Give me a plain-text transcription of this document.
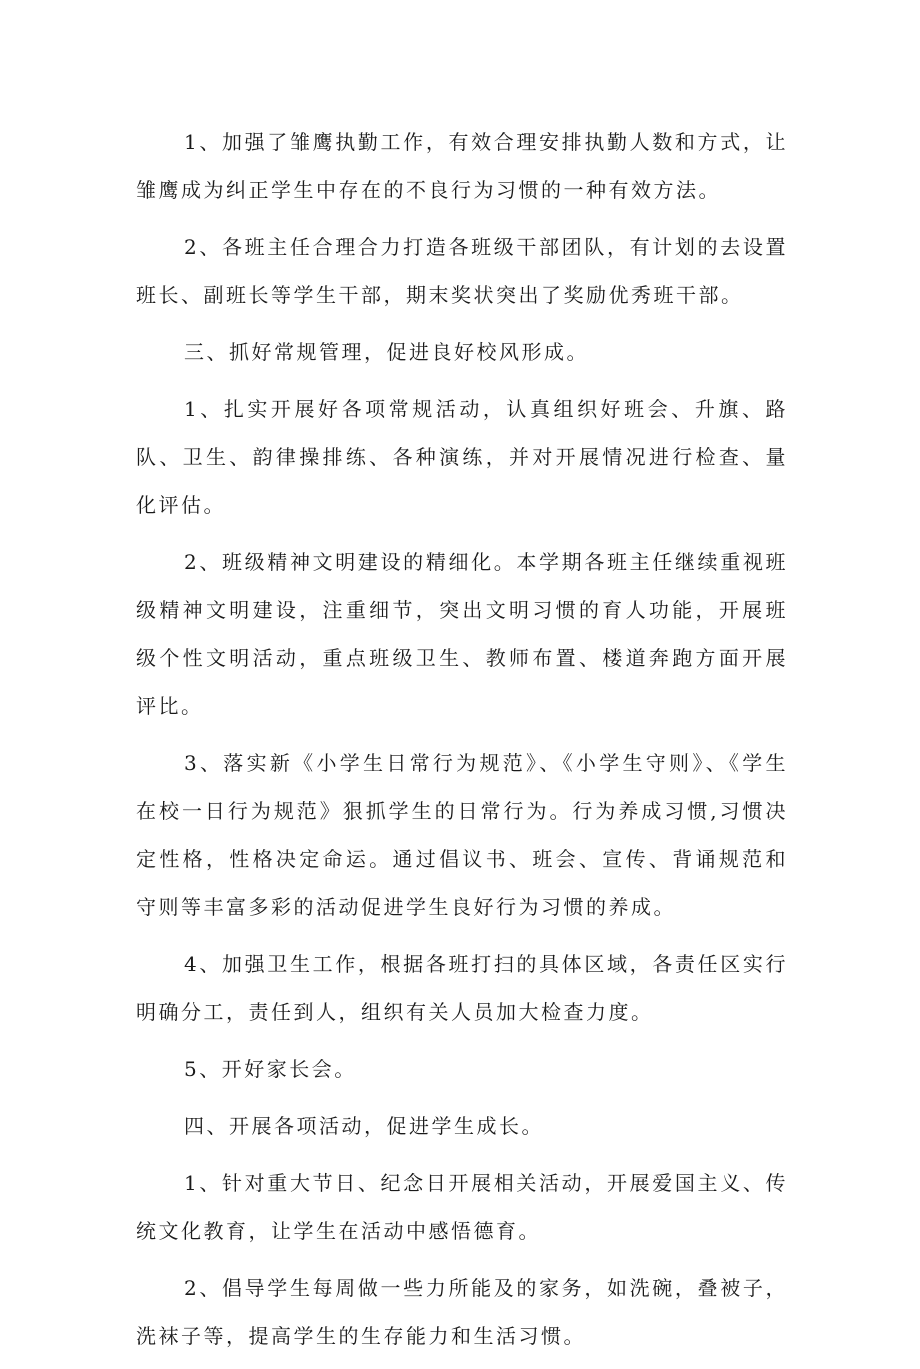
1、加强了雏鹰执勤工作，有效合理安排执勤人数和方式，让雏鹰成为纠正学生中存在的不良行为习惯的一种有效方法。

2、各班主任合理合力打造各班级干部团队，有计划的去设置班长、副班长等学生干部，期末奖状突出了奖励优秀班干部。

三、抓好常规管理，促进良好校风形成。

1、扎实开展好各项常规活动，认真组织好班会、升旗、路队、卫生、韵律操排练、各种演练，并对开展情况进行检查、量化评估。

2、班级精神文明建设的精细化。本学期各班主任继续重视班级精神文明建设，注重细节，突出文明习惯的育人功能，开展班级个性文明活动，重点班级卫生、教师布置、楼道奔跑方面开展评比。

3、落实新《小学生日常行为规范》、《小学生守则》、《学生在校一日行为规范》狠抓学生的日常行为。行为养成习惯,习惯决定性格，性格决定命运。通过倡议书、班会、宣传、背诵规范和守则等丰富多彩的活动促进学生良好行为习惯的养成。

4、加强卫生工作，根据各班打扫的具体区域，各责任区实行明确分工，责任到人，组织有关人员加大检查力度。

5、开好家长会。

四、开展各项活动，促进学生成长。

1、针对重大节日、纪念日开展相关活动，开展爱国主义、传统文化教育，让学生在活动中感悟德育。

2、倡导学生每周做一些力所能及的家务，如洗碗，叠被子，洗袜子等，提高学生的生存能力和生活习惯。
